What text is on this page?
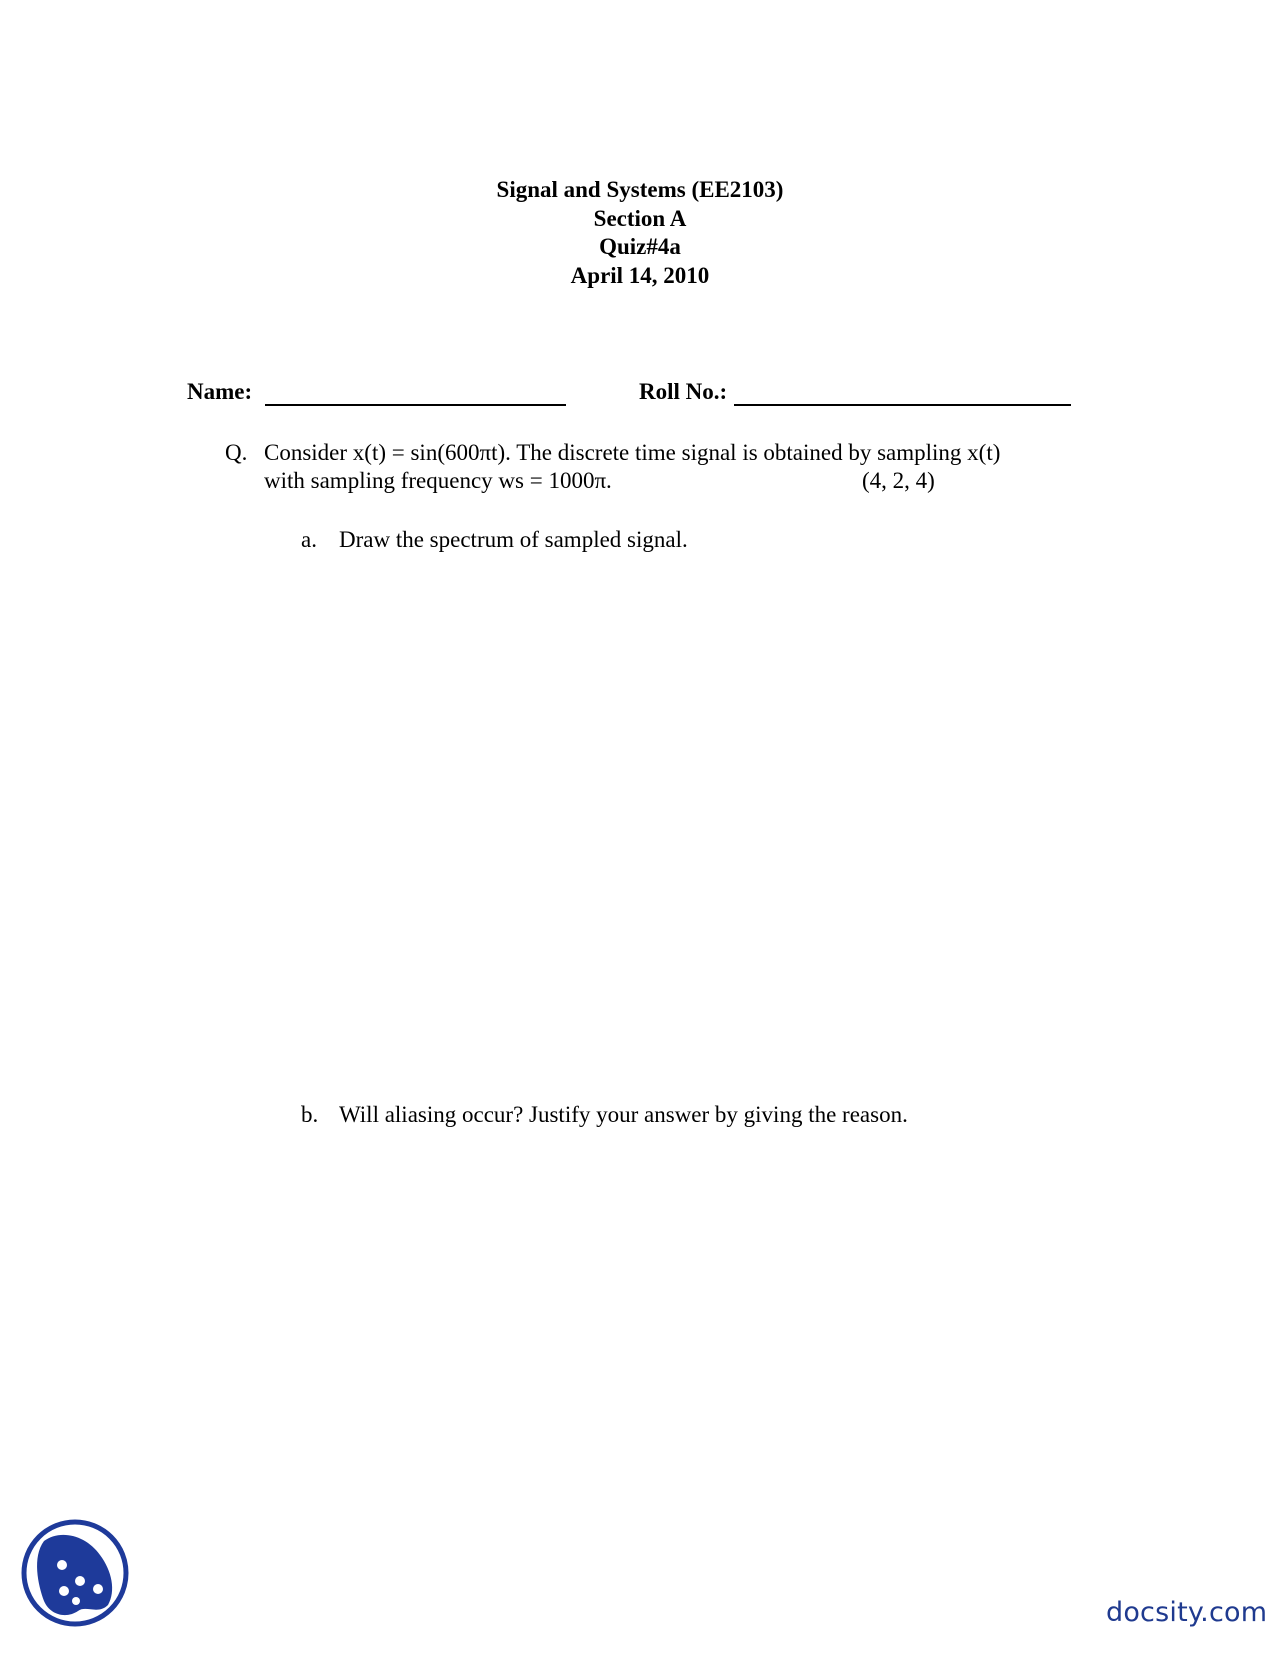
Signal and Systems (EE2103)
Section A
Quiz#4a
April 14, 2010
Name:	Roll No.:
Q. Consider x(t) = sin(600πt). The discrete time signal is obtained by sampling x(t)
with sampling frequency ws = 1000π.	(4, 2, 4)
a. Draw the spectrum of sampled signal.
b. Will aliasing occur? Justify your answer by giving the reason.
docsity.com
